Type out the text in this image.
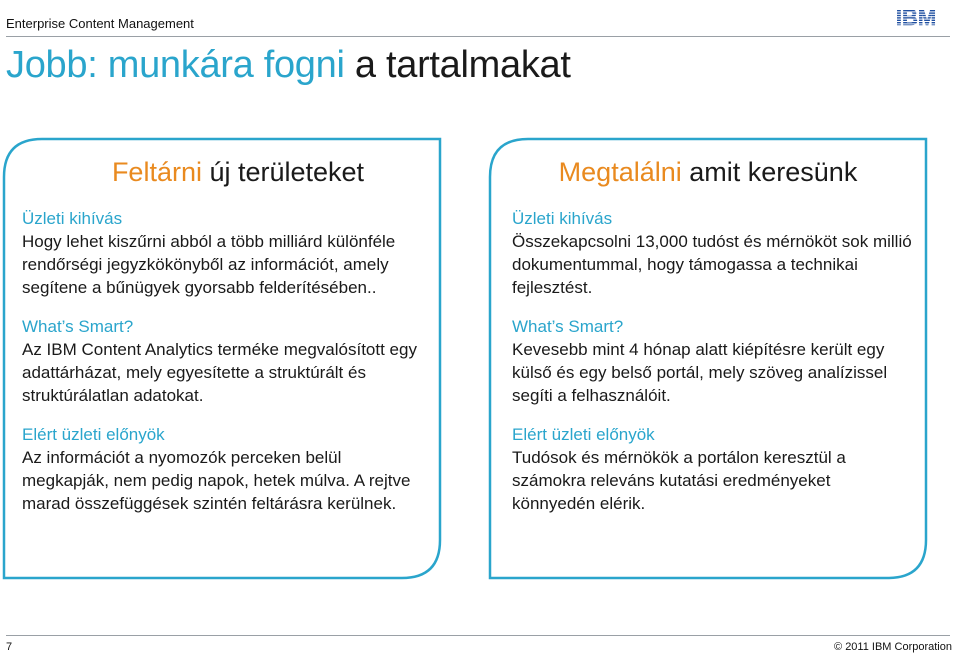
Enterprise Content Management
Jobb: munkára fogni a tartalmakat
Feltárni új területeket

Üzleti kihívás

Hogy lehet kiszűrni abból a több milliárd különféle rendőrségi jegyzkökönyből az információt, amely segítene a bűnügyek gyorsabb felderítésében..

What’s Smart?

Az IBM Content Analytics terméke megvalósított egy adattárházat, mely egyesítette a struktúrált és struktúrálatlan adatokat.

Elért üzleti előnyök

Az információt a nyomozók perceken belül megkapják, nem pedig napok, hetek múlva. A rejtve marad összefüggések szintén feltárásra kerülnek.

Megtalálni amit keresünk

Üzleti kihívás

Összekapcsolni 13,000 tudóst és mérnököt sok millió dokumentummal, hogy támogassa a technikai fejlesztést.

What’s Smart?

Kevesebb mint 4 hónap alatt kiépítésre került egy külső és egy belső portál, mely szöveg analízissel segíti a felhasználóit.

Elért üzleti előnyök

Tudósok és mérnökök a portálon keresztül a számokra releváns kutatási eredményeket könnyedén elérik.

7	© 2011 IBM Corporation
